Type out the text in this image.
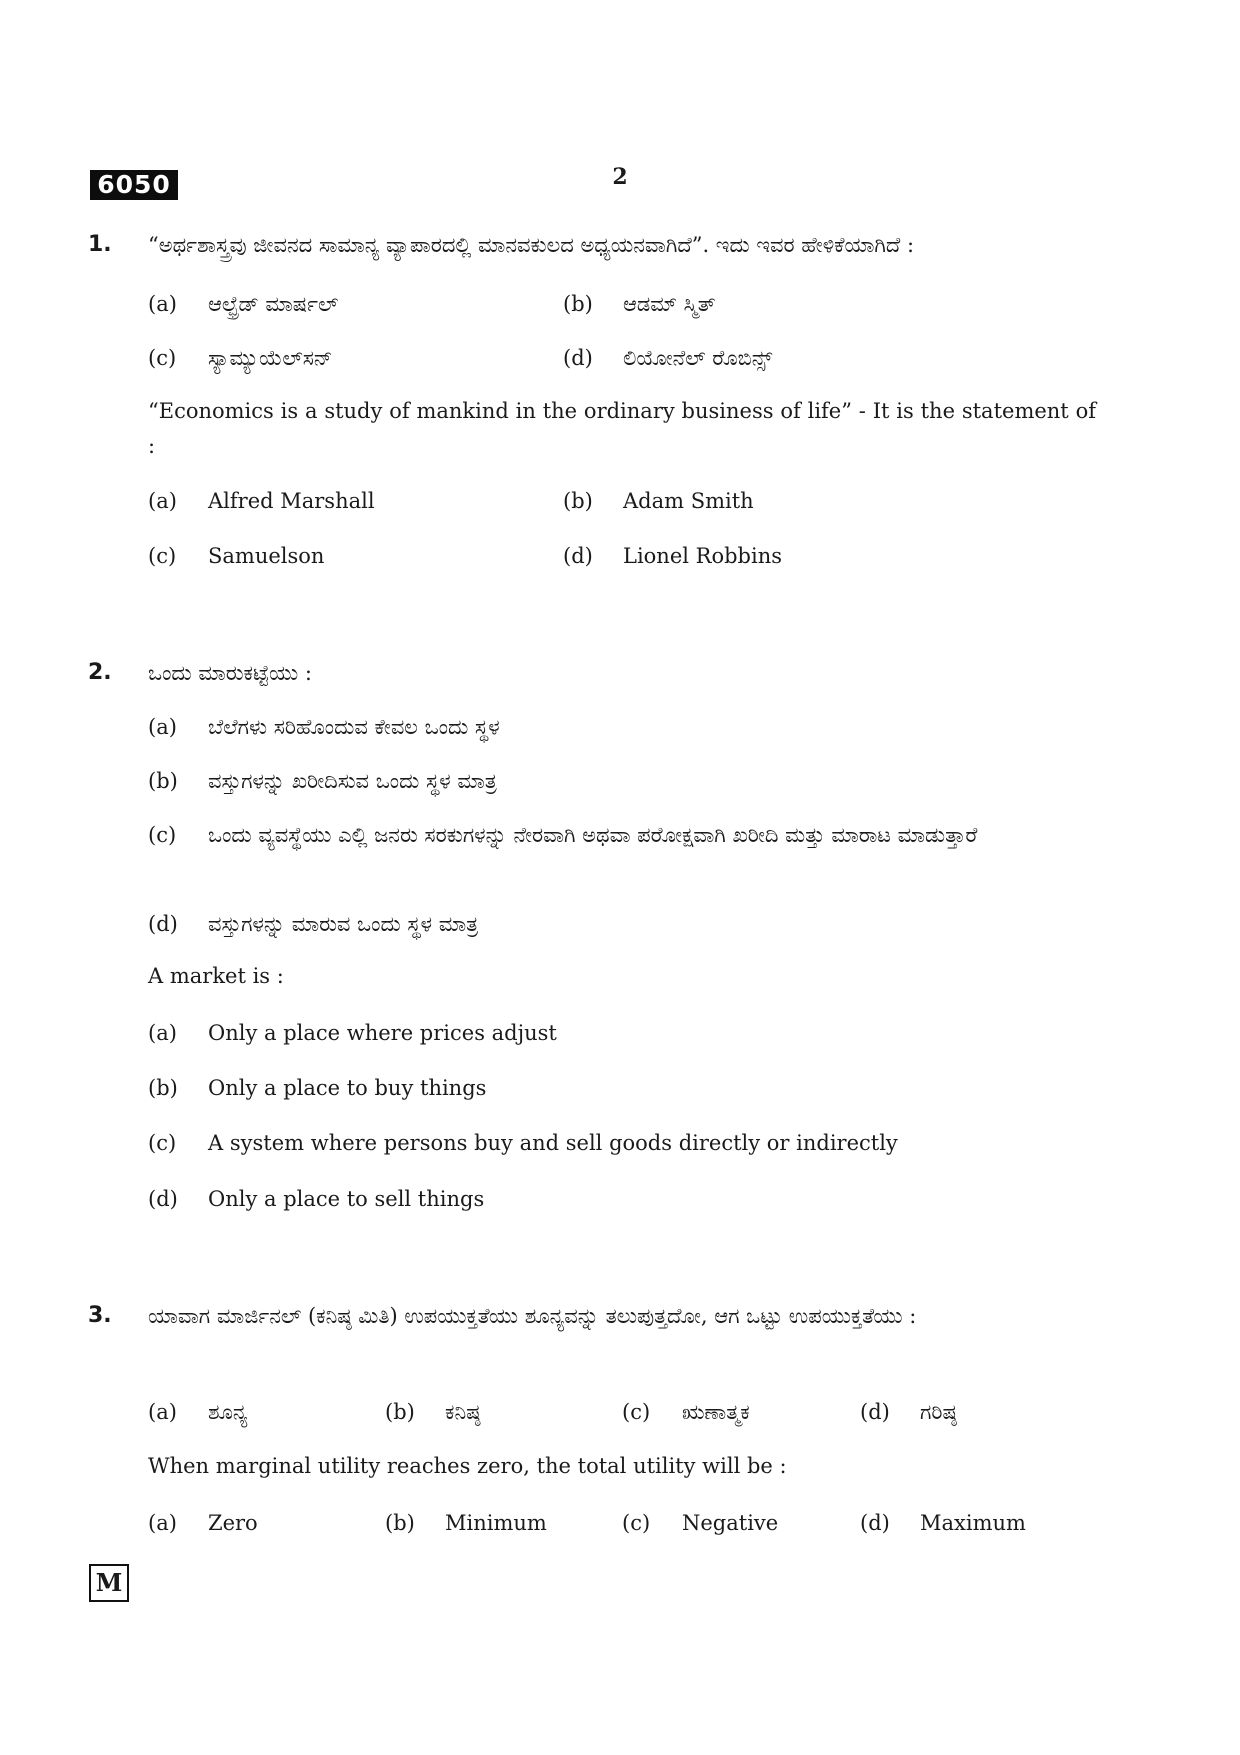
6050	2
1. “ಅರ್ಥಶಾಸ್ತ್ರವು ಜೀವನದ ಸಾಮಾನ್ಯ ವ್ಯಾಪಾರದಲ್ಲಿ ಮಾನವಕುಲದ ಅಧ್ಯಯನವಾಗಿದೆ”. ಇದು ಇವರ ಹೇಳಿಕೆಯಾಗಿದೆ :
(a) ಆಲ್ಫ್ರೆಡ್ ಮಾರ್ಷಲ್	(b) ಆಡಮ್ ಸ್ಮಿತ್
(c) ಸ್ಯಾಮ್ಯುಯೆಲ್‌ಸನ್	(d) ಲಿಯೋನೆಲ್ ರೊಬಿನ್ಸ್
“Economics is a study of mankind in the ordinary business of life” - It is the statement of :
(a) Alfred Marshall	(b) Adam Smith
(c) Samuelson	(d) Lionel Robbins
2. ಒಂದು ಮಾರುಕಟ್ಟೆಯು :
(a) ಬೆಲೆಗಳು ಸರಿಹೊಂದುವ ಕೇವಲ ಒಂದು ಸ್ಥಳ
(b) ವಸ್ತುಗಳನ್ನು ಖರೀದಿಸುವ ಒಂದು ಸ್ಥಳ ಮಾತ್ರ
(c) ಒಂದು ವ್ಯವಸ್ಥೆಯು ಎಲ್ಲಿ ಜನರು ಸರಕುಗಳನ್ನು ನೇರವಾಗಿ ಅಥವಾ ಪರೋಕ್ಷವಾಗಿ ಖರೀದಿ ಮತ್ತು ಮಾರಾಟ ಮಾಡುತ್ತಾರೆ
(d) ವಸ್ತುಗಳನ್ನು ಮಾರುವ ಒಂದು ಸ್ಥಳ ಮಾತ್ರ
A market is :
(a) Only a place where prices adjust
(b) Only a place to buy things
(c) A system where persons buy and sell goods directly or indirectly
(d) Only a place to sell things
3. ಯಾವಾಗ ಮಾರ್ಜಿನಲ್ (ಕನಿಷ್ಠ ಮಿತಿ) ಉಪಯುಕ್ತತೆಯು ಶೂನ್ಯವನ್ನು ತಲುಪುತ್ತದೋ, ಆಗ ಒಟ್ಟು ಉಪಯುಕ್ತತೆಯು :
(a) ಶೂನ್ಯ	(b) ಕನಿಷ್ಠ	(c) ಋಣಾತ್ಮಕ	(d) ಗರಿಷ್ಠ
When marginal utility reaches zero, the total utility will be :
(a) Zero	(b) Minimum	(c) Negative	(d) Maximum
M
